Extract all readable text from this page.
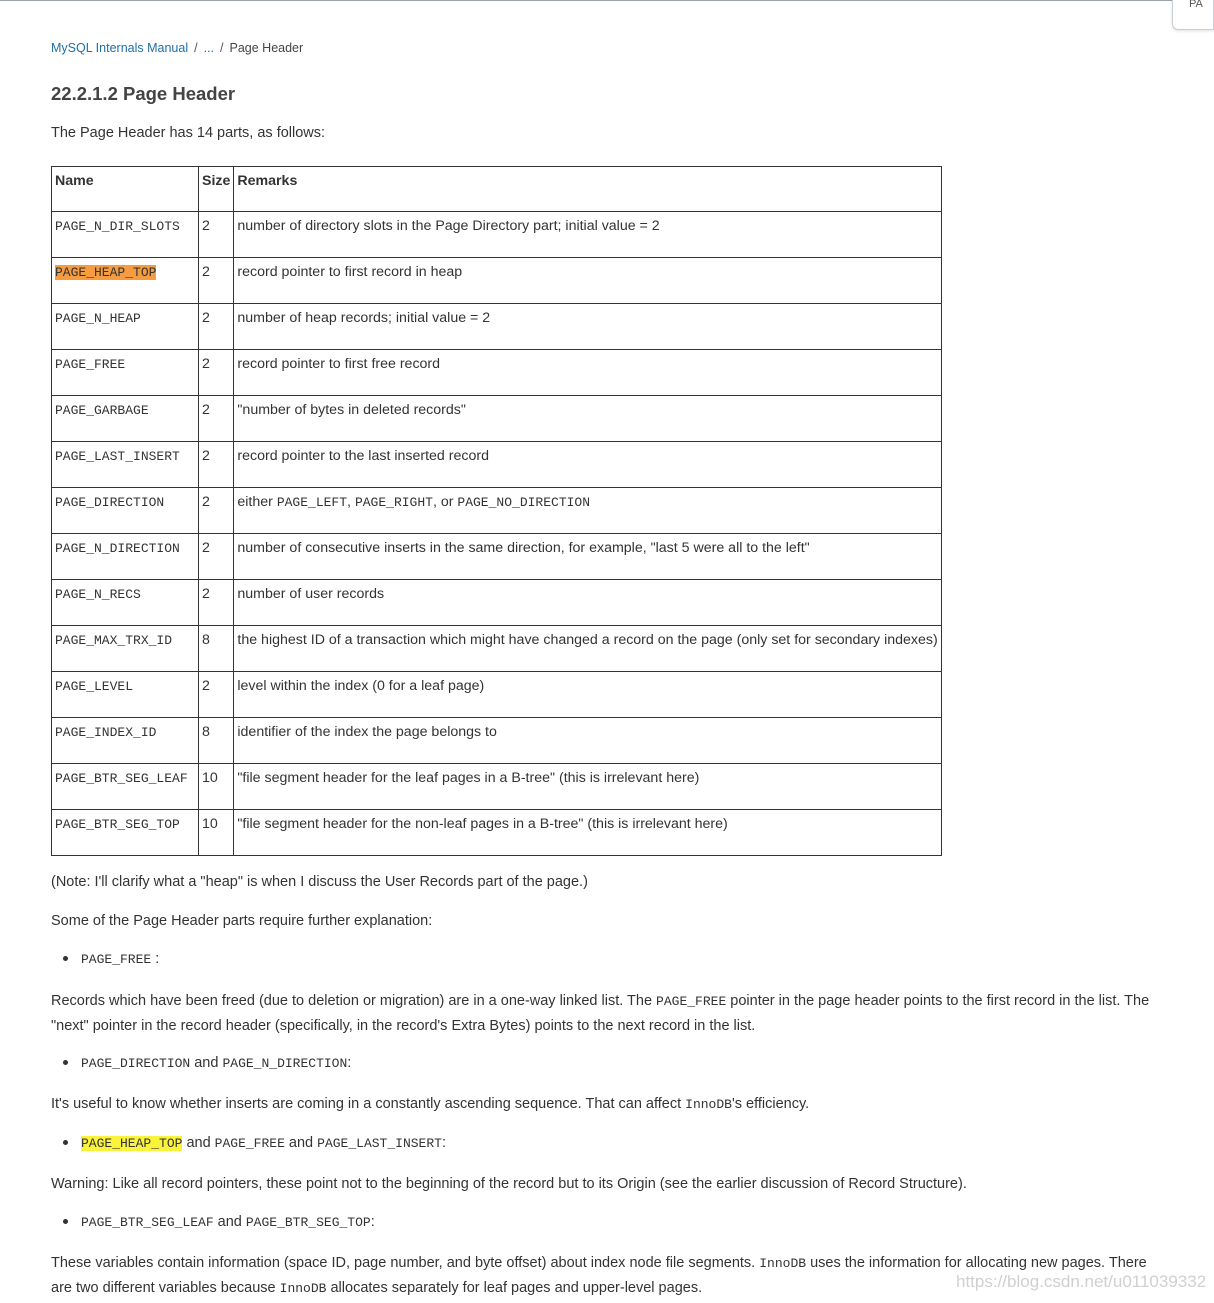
PA
MySQL Internals Manual / ... / Page Header
22.2.1.2 Page Header

The Page Header has 14 parts, as follows:

Name	Size	Remarks
PAGE_N_DIR_SLOTS	2	number of directory slots in the Page Directory part; initial value = 2
PAGE_HEAP_TOP	2	record pointer to first record in heap
PAGE_N_HEAP	2	number of heap records; initial value = 2
PAGE_FREE	2	record pointer to first free record
PAGE_GARBAGE	2	"number of bytes in deleted records"
PAGE_LAST_INSERT	2	record pointer to the last inserted record
PAGE_DIRECTION	2	either PAGE_LEFT, PAGE_RIGHT, or PAGE_NO_DIRECTION
PAGE_N_DIRECTION	2	number of consecutive inserts in the same direction, for example, "last 5 were all to the left"
PAGE_N_RECS	2	number of user records
PAGE_MAX_TRX_ID	8	the highest ID of a transaction which might have changed a record on the page (only set for secondary indexes)
PAGE_LEVEL	2	level within the index (0 for a leaf page)
PAGE_INDEX_ID	8	identifier of the index the page belongs to
PAGE_BTR_SEG_LEAF	10	"file segment header for the leaf pages in a B-tree" (this is irrelevant here)
PAGE_BTR_SEG_TOP	10	"file segment header for the non-leaf pages in a B-tree" (this is irrelevant here)

(Note: I'll clarify what a "heap" is when I discuss the User Records part of the page.)

Some of the Page Header parts require further explanation:

PAGE_FREE :

Records which have been freed (due to deletion or migration) are in a one-way linked list. The PAGE_FREE pointer in the page header points to the first record in the list. The
"next" pointer in the record header (specifically, in the record's Extra Bytes) points to the next record in the list.

PAGE_DIRECTION and PAGE_N_DIRECTION:

It's useful to know whether inserts are coming in a constantly ascending sequence. That can affect InnoDB's efficiency.

PAGE_HEAP_TOP and PAGE_FREE and PAGE_LAST_INSERT:

Warning: Like all record pointers, these point not to the beginning of the record but to its Origin (see the earlier discussion of Record Structure).

PAGE_BTR_SEG_LEAF and PAGE_BTR_SEG_TOP:

These variables contain information (space ID, page number, and byte offset) about index node file segments. InnoDB uses the information for allocating new pages. There
are two different variables because InnoDB allocates separately for leaf pages and upper-level pages.	https://blog.csdn.net/u011039332
